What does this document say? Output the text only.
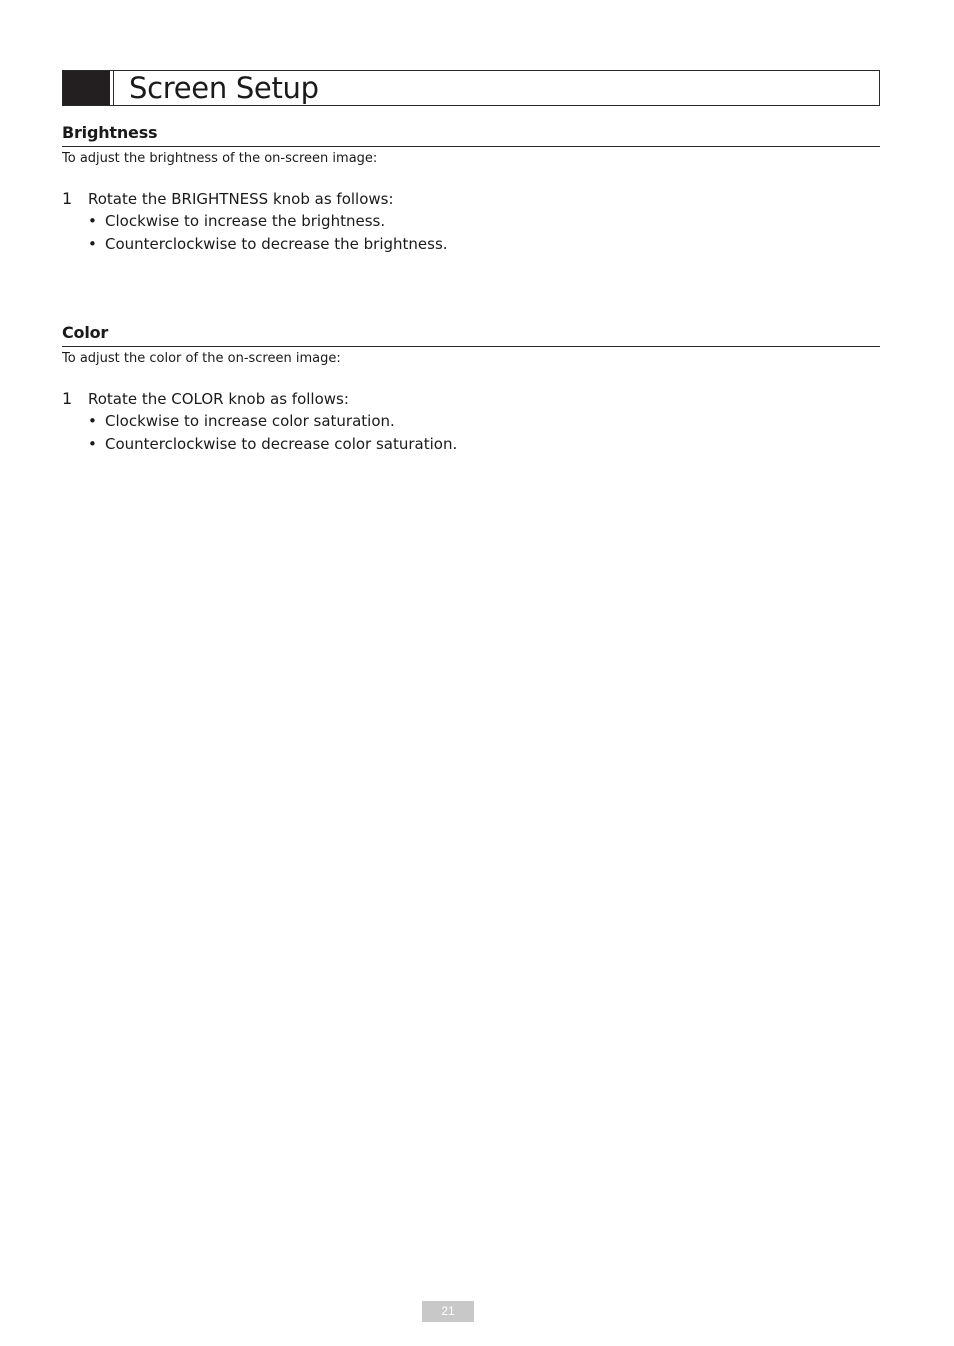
Screen Setup
Brightness
To adjust the brightness of the on-screen image:
1	Rotate the BRIGHTNESS knob as follows:
• Clockwise to increase the brightness.
• Counterclockwise to decrease the brightness.
Color
To adjust the color of the on-screen image:
1	Rotate the COLOR knob as follows:
• Clockwise to increase color saturation.
• Counterclockwise to decrease color saturation.
21
